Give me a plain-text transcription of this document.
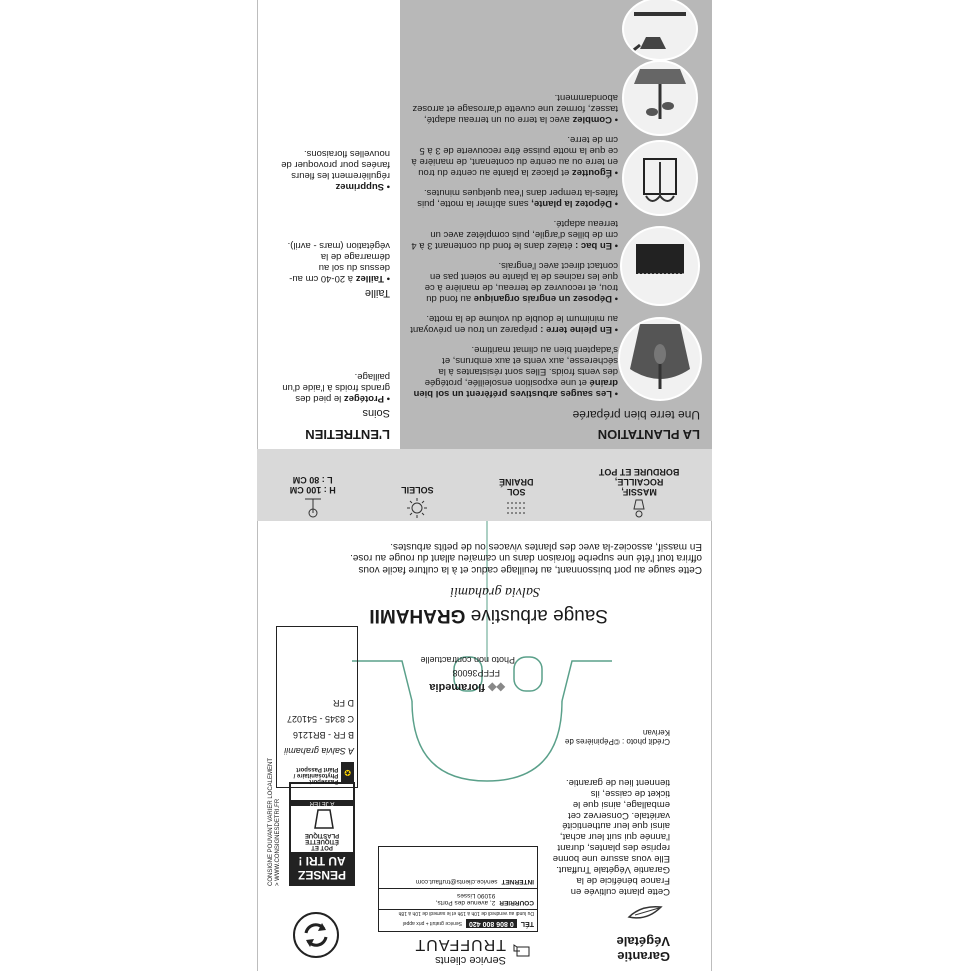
Garantie
Végétale
Cette plante cultivée en
France bénéficie de la
Garantie Végétale Truffaut.
Elle vous assure une bonne
reprise des plantes, durant
l'année qui suit leur achat,
ainsi que leur authenticité
variétale. Conservez cet
emballage, ainsi que le
ticket de caisse, ils
tiennent lieu de garantie.
Crédit photo : ©Pépinières de
Kerivan
Service clients
TRUFFAUT
TÉL
0 806 800 420
Service gratuit + prix appel
Du lundi au vendredi de 10h à 19h et le samedi de 10h à 18h
COURRIER
2, avenue des Ports,
91090 Lisses
INTERNET
service.clients@truffaut.com
PENSEZ
AU TRI !
POT ET
ÉTIQUETTE
PLASTIQUE
À JETER
CONSIGNE POUVANT VARIER LOCALEMENT
> WWW.CONSIGNESDETRI.FR
◆◆ floramedia
FFFP36008
Photo non contractuelle
✪
Passeport Phytosanitaire / Plant Passport
A Salvia grahamii
B FR - BR1216
C 8345 - 541027
D FR
Sauge arbustive GRAHAMII
Salvia grahamii
Cette sauge au port buissonnant, au feuillage caduc et à la culture facile vous
offrira tout l'été une superbe floraison dans un camaïeu allant du rouge au rose.
En massif, associez-la avec des plantes vivaces ou de petits arbustes.
MASSIF,
ROCAILLE,
BORDURE ET POT
SOL
DRAINÉ
SOLEIL
H : 100 CM
L : 80 CM
LA PLANTATION
Une terre bien préparée
• Les sauges arbustives préfèrent un sol bien drainé et une exposition ensoleillée, protégée des vents froids. Elles sont résistantes à la sécheresse, aux vents et aux embruns, et s'adaptent bien au climat maritime.
• En pleine terre : préparez un trou en prévoyant au minimum le double du volume de la motte.
• Déposez un engrais organique au fond du trou, et recouvrez de terreau, de manière à ce que les racines de la plante ne soient pas en contact direct avec l'engrais.
• En bac : étalez dans le fond du contenant 3 à 4 cm de billes d'argile, puis complétez avec un terreau adapté.
• Dépotez la plante, sans abîmer la motte, puis faites-la tremper dans l'eau quelques minutes.
• Égouttez et placez la plante au centre du trou en terre ou au centre du contenant, de manière à ce que la motte puisse être recouverte de 3 à 5 cm de terre.
• Comblez avec la terre ou un terreau adapté, tassez, formez une cuvette d'arrosage et arrosez abondamment.
L'ENTRETIEN
Soins
• Protégez le pied des grands froids à l'aide d'un paillage.
Taille
• Taillez à 20-40 cm au-dessus du sol au démarrage de la végétation (mars - avril).
• Supprimez régulièrement les fleurs fanées pour provoquer de nouvelles floraisons.
